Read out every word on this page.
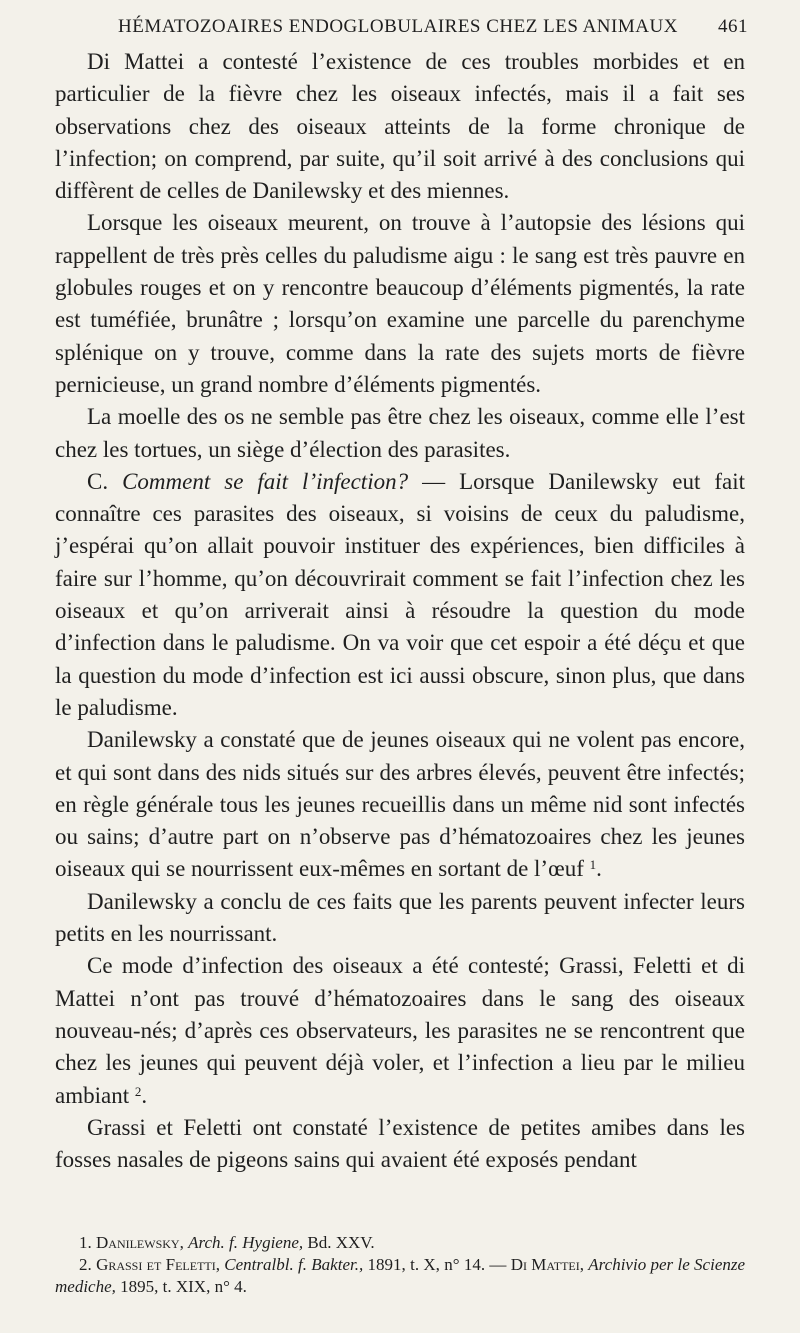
HÉMATOZOAIRES ENDOGLOBULAIRES CHEZ LES ANIMAUX 461

Di Mattei a contesté l’existence de ces troubles morbides et en particulier de la fièvre chez les oiseaux infectés, mais il a fait ses observations chez des oiseaux atteints de la forme chronique de l’infection; on comprend, par suite, qu’il soit arrivé à des conclusions qui diffèrent de celles de Danilewsky et des miennes.

Lorsque les oiseaux meurent, on trouve à l’autopsie des lésions qui rappellent de très près celles du paludisme aigu : le sang est très pauvre en globules rouges et on y rencontre beaucoup d’éléments pigmentés, la rate est tuméfiée, brunâtre ; lorsqu’on examine une parcelle du parenchyme splénique on y trouve, comme dans la rate des sujets morts de fièvre pernicieuse, un grand nombre d’éléments pigmentés.

La moelle des os ne semble pas être chez les oiseaux, comme elle l’est chez les tortues, un siège d’élection des parasites.

C. Comment se fait l’infection? — Lorsque Danilewsky eut fait connaître ces parasites des oiseaux, si voisins de ceux du paludisme, j’espérai qu’on allait pouvoir instituer des expériences, bien difficiles à faire sur l’homme, qu’on découvrirait comment se fait l’infection chez les oiseaux et qu’on arriverait ainsi à résoudre la question du mode d’infection dans le paludisme. On va voir que cet espoir a été déçu et que la question du mode d’infection est ici aussi obscure, sinon plus, que dans le paludisme.

Danilewsky a constaté que de jeunes oiseaux qui ne volent pas encore, et qui sont dans des nids situés sur des arbres élevés, peuvent être infectés; en règle générale tous les jeunes recueillis dans un même nid sont infectés ou sains; d’autre part on n’observe pas d’hématozoaires chez les jeunes oiseaux qui se nourrissent eux-mêmes en sortant de l’œuf $^1$.

Danilewsky a conclu de ces faits que les parents peuvent infecter leurs petits en les nourrissant.

Ce mode d’infection des oiseaux a été contesté; Grassi, Feletti et di Mattei n’ont pas trouvé d’hématozoaires dans le sang des oiseaux nouveau-nés; d’après ces observateurs, les parasites ne se rencontrent que chez les jeunes qui peuvent déjà voler, et l’infection a lieu par le milieu ambiant $^2$.

Grassi et Feletti ont constaté l’existence de petites amibes dans les fosses nasales de pigeons sains qui avaient été exposés pendant

1. Danilewsky, Arch. f. Hygiene, Bd. XXV.

2. Grassi et Feletti, Centralbl. f. Bakter., 1891, t. X, n° 14. — Di Mattei, Archivio per le Scienze mediche, 1895, t. XIX, n° 4.
